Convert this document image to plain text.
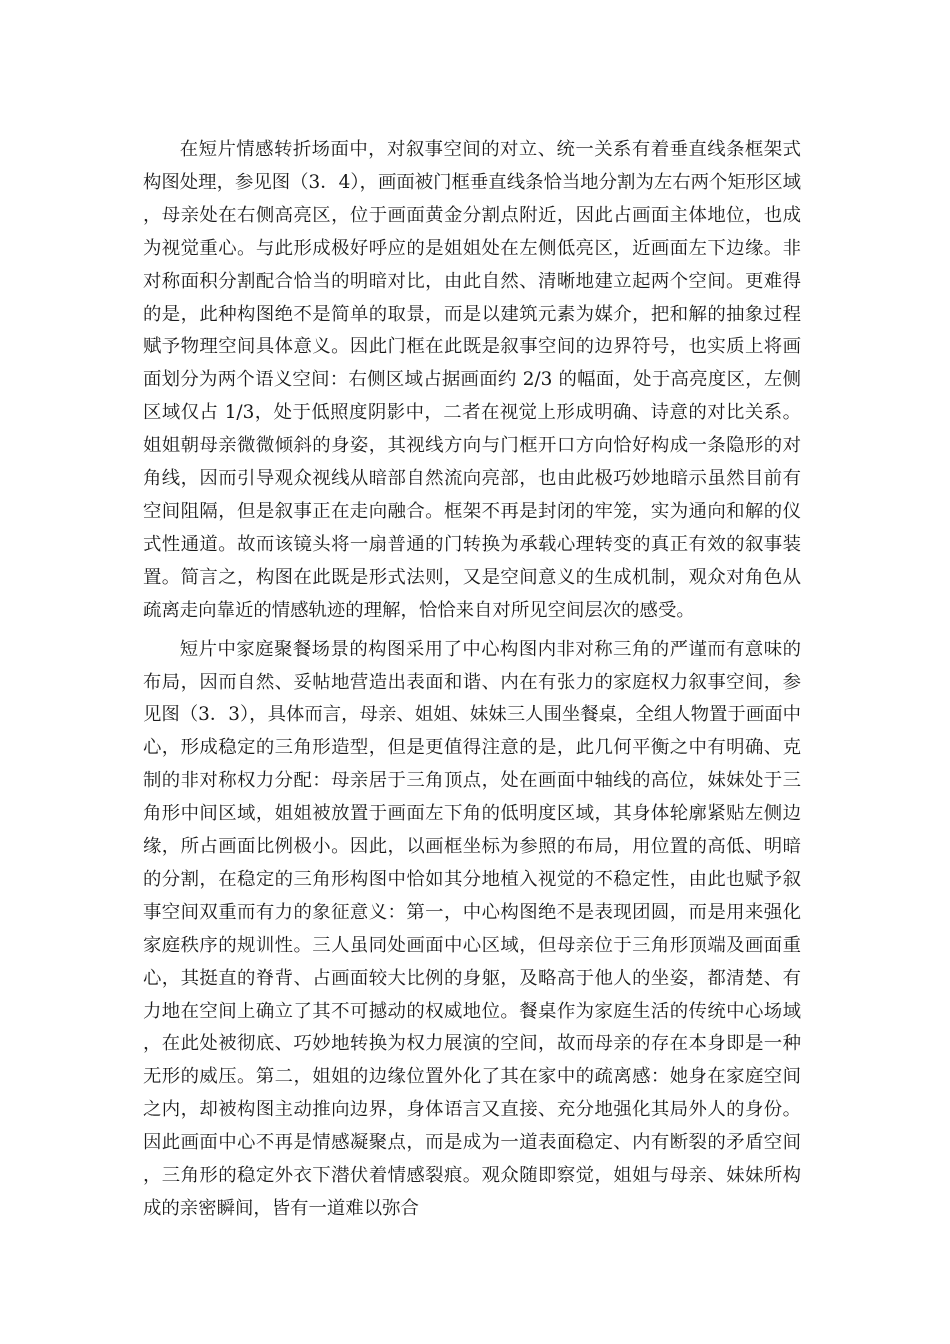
在短片情感转折场面中，对叙事空间的对立、统一关系有着垂直线条框架式构图处理，参见图（3．4），画面被门框垂直线条恰当地分割为左右两个矩形区域，母亲处在右侧高亮区，位于画面黄金分割点附近，因此占画面主体地位，也成为视觉重心。与此形成极好呼应的是姐姐处在左侧低亮区，近画面左下边缘。非对称面积分割配合恰当的明暗对比，由此自然、清晰地建立起两个空间。更难得的是，此种构图绝不是简单的取景，而是以建筑元素为媒介，把和解的抽象过程赋予物理空间具体意义。因此门框在此既是叙事空间的边界符号，也实质上将画面划分为两个语义空间：右侧区域占据画面约 2/3 的幅面，处于高亮度区，左侧区域仅占 1/3，处于低照度阴影中，二者在视觉上形成明确、诗意的对比关系。姐姐朝母亲微微倾斜的身姿，其视线方向与门框开口方向恰好构成一条隐形的对角线，因而引导观众视线从暗部自然流向亮部，也由此极巧妙地暗示虽然目前有空间阻隔，但是叙事正在走向融合。框架不再是封闭的牢笼，实为通向和解的仪式性通道。故而该镜头将一扇普通的门转换为承载心理转变的真正有效的叙事装置。简言之，构图在此既是形式法则，又是空间意义的生成机制，观众对角色从疏离走向靠近的情感轨迹的理解，恰恰来自对所见空间层次的感受。

短片中家庭聚餐场景的构图采用了中心构图内非对称三角的严谨而有意味的布局，因而自然、妥帖地营造出表面和谐、内在有张力的家庭权力叙事空间，参见图（3．3），具体而言，母亲、姐姐、妹妹三人围坐餐桌，全组人物置于画面中心，形成稳定的三角形造型，但是更值得注意的是，此几何平衡之中有明确、克制的非对称权力分配：母亲居于三角顶点，处在画面中轴线的高位，妹妹处于三角形中间区域，姐姐被放置于画面左下角的低明度区域，其身体轮廓紧贴左侧边缘，所占画面比例极小。因此，以画框坐标为参照的布局，用位置的高低、明暗的分割，在稳定的三角形构图中恰如其分地植入视觉的不稳定性，由此也赋予叙事空间双重而有力的象征意义：第一，中心构图绝不是表现团圆，而是用来强化家庭秩序的规训性。三人虽同处画面中心区域，但母亲位于三角形顶端及画面重心，其挺直的脊背、占画面较大比例的身躯，及略高于他人的坐姿，都清楚、有力地在空间上确立了其不可撼动的权威地位。餐桌作为家庭生活的传统中心场域，在此处被彻底、巧妙地转换为权力展演的空间，故而母亲的存在本身即是一种无形的威压。第二，姐姐的边缘位置外化了其在家中的疏离感：她身在家庭空间之内，却被构图主动推向边界，身体语言又直接、充分地强化其局外人的身份。因此画面中心不再是情感凝聚点，而是成为一道表面稳定、内有断裂的矛盾空间，三角形的稳定外衣下潜伏着情感裂痕。观众随即察觉，姐姐与母亲、妹妹所构成的亲密瞬间，皆有一道难以弥合
